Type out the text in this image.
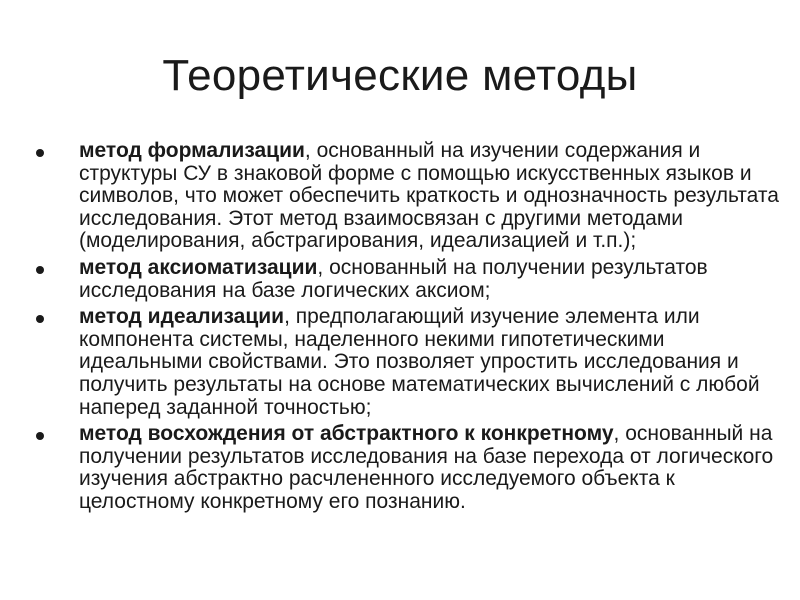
Теоретические методы
метод формализации, основанный на изучении содержания и структуры СУ в знаковой форме с помощью искусственных языков и символов, что может обеспечить краткость и однозначность результата исследования. Этот метод взаимосвязан с другими методами (моделирования, абстрагирования, идеализацией и т.п.);
метод аксиоматизации, основанный на получении результатов исследования на базе логических аксиом;
метод идеализации, предполагающий изучение элемента или компонента системы, наделенного некими гипотетическими идеальными свойствами. Это позволяет упростить исследования и получить результаты на основе математических вычислений с любой наперед заданной точностью;
метод восхождения от абстрактного к конкретному, основанный на получении результатов исследования на базе перехода от логического изучения абстрактно расчлененного исследуемого объекта к целостному конкретному его познанию.
